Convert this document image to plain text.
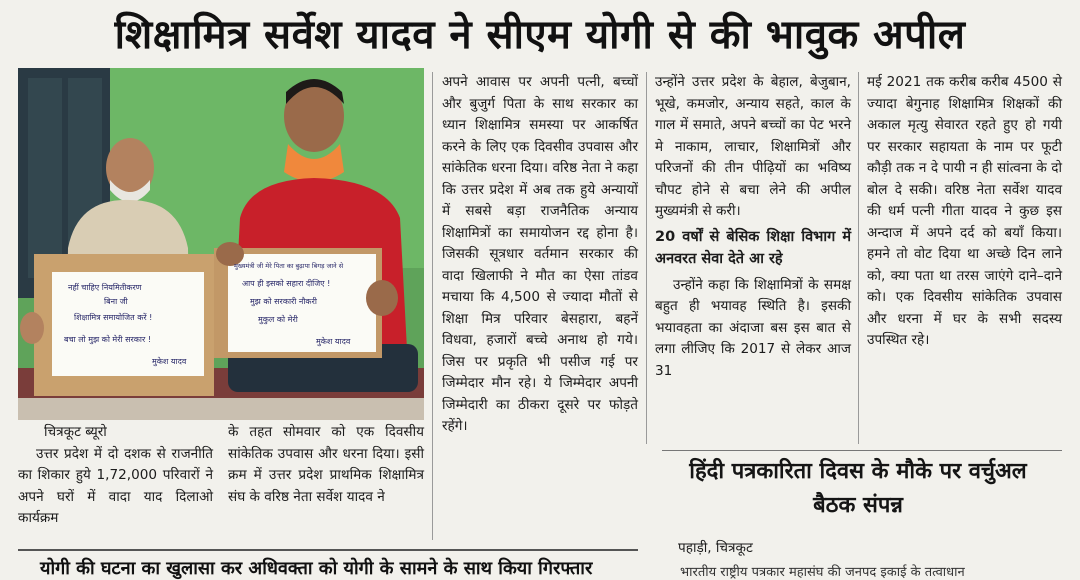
शिक्षामित्र सर्वेश यादव ने सीएम योगी से की भावुक अपील
नहीं चाहिए नियमितीकरण
बिना जी
शिक्षामित्र समायोजित करें !
बचा लो मुझ को मेरी सरकार !
मुकेश यादव
मुख्यमंत्री जी मेरे पिता का बुढ़ापा बिगड़ जाने से
आप ही इसको सहारा दीजिए !
मुझ को सरकारी नौकरी
मुकुल को मेरी
मुकेश यादव

चित्रकूट ब्यूरो

उत्तर प्रदेश में दो दशक से राजनीति का शिकार हुये 1,72,000 परिवारों ने अपने घरों में वादा याद दिलाओ कार्यक्रम

के तहत सोमवार को एक दिवसीय सांकेतिक उपवास और धरना दिया। इसी क्रम में उत्तर प्रदेश प्राथमिक शिक्षामित्र संघ के वरिष्ठ नेता सर्वेश यादव ने

अपने आवास पर अपनी पत्नी, बच्चों और बुजुर्ग पिता के साथ सरकार का ध्यान शिक्षामित्र समस्या पर आकर्षित करने के लिए एक दिवसीव उपवास और सांकेतिक धरना दिया। वरिष्ठ नेता ने कहा कि उत्तर प्रदेश में अब तक हुये अन्यायों में सबसे बड़ा राजनैतिक अन्याय शिक्षामित्रों का समायोजन रद्द होना है। जिसकी सूत्रधार वर्तमान सरकार की वादा खिलाफी ने मौत का ऐसा तांडव मचाया कि 4,500 से ज्यादा मौतों से शिक्षा मित्र परिवार बेसहारा, बहनें विधवा, हजारों बच्चे अनाथ हो गये। जिस पर प्रकृति भी पसीज गई पर जिम्मेदार मौन रहे। ये जिम्मेदार अपनी जिम्मेदारी का ठीकरा दूसरे पर फोड़ते रहेंगे।

उन्होंने उत्तर प्रदेश के बेहाल, बेजुबान, भूखे, कमजोर, अन्याय सहते, काल के गाल में समाते, अपने बच्चों का पेट भरने मे नाकाम, लाचार, शिक्षामित्रों और परिजनों की तीन पीढ़ियों का भविष्य चौपट होने से बचा लेने की अपील मुख्यमंत्री से करी।

20 वर्षों से बेसिक शिक्षा विभाग में अनवरत सेवा देते आ रहे

उन्होंने कहा कि शिक्षामित्रों के समक्ष बहुत ही भयावह स्थिति है। इसकी भयावहता का अंदाजा बस इस बात से लगा लीजिए कि 2017 से लेकर आज 31

मई 2021 तक करीब करीब 4500 से ज्यादा बेगुनाह शिक्षामित्र शिक्षकों की अकाल मृत्यु सेवारत रहते हुए हो गयी पर सरकार सहायता के नाम पर फूटी कौड़ी तक न दे पायी न ही सांत्वना के दो बोल दे सकी। वरिष्ठ नेता सर्वेश यादव की धर्म पत्नी गीता यादव ने कुछ इस अन्दाज में अपने दर्द को बयाँ किया। हमने तो वोट दिया था अच्छे दिन लाने को, क्या पता था तरस जाएंगे दाने–दाने को। एक दिवसीय सांकेतिक उपवास और धरना में घर के सभी सदस्य उपस्थित रहे।

हिंदी पत्रकारिता दिवस के मौके पर वर्चुअल बैठक संपन्न
पहाड़ी, चित्रकूट
भारतीय राष्ट्रीय पत्रकार महासंघ की जनपद इकाई के तत्वाधान
योगी की घटना का खुलासा कर अधिवक्ता को योगी के सामने के साथ किया गिरफ्तार
